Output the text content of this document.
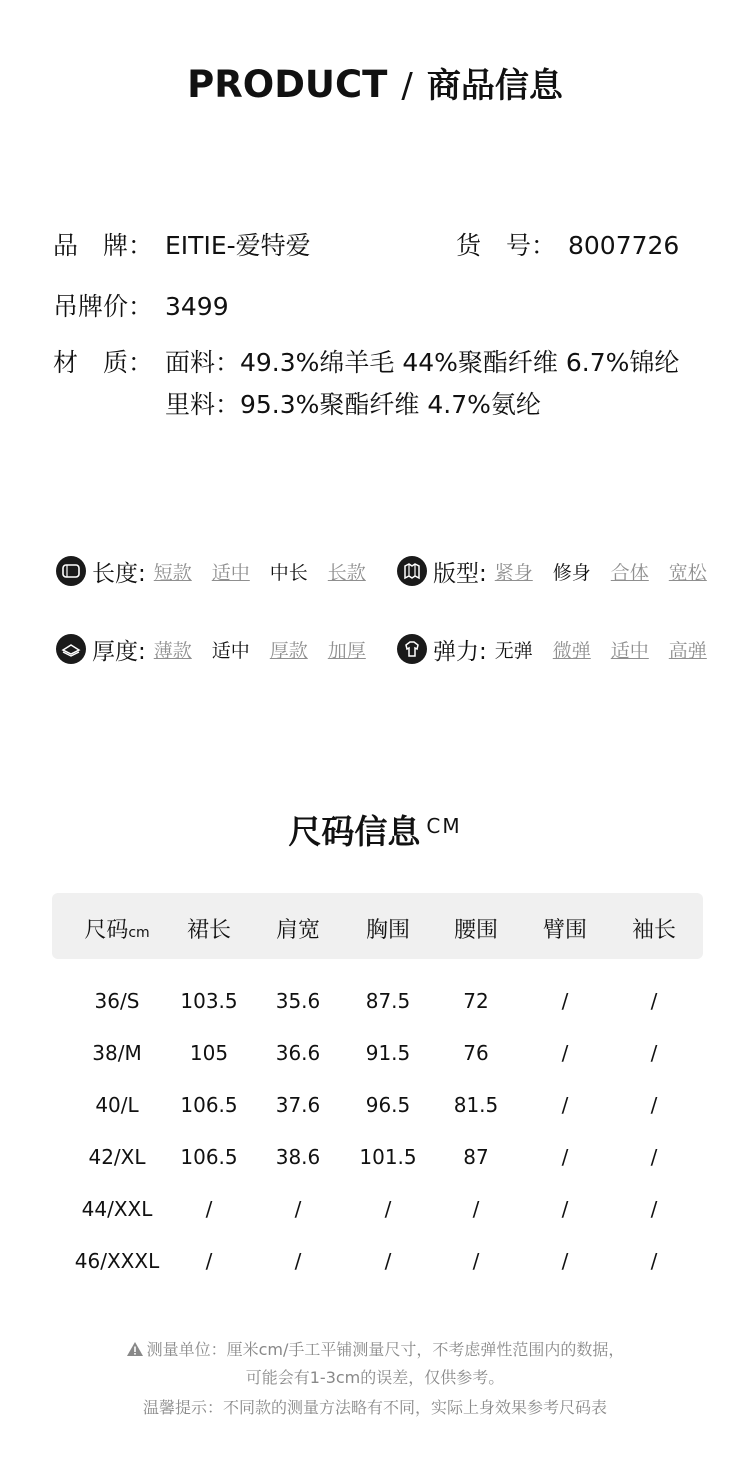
PRODUCT / 商品信息
品　牌： EITIE-爱特爱	货　号： 8007726
吊牌价： 3499
材　质： 面料：49.3%绵羊毛 44%聚酯纤维 6.7%锦纶
里料：95.3%聚酯纤维 4.7%氨纶
长度: 短款 适中 中长 长款	版型: 紧身 修身 合体 宽松
厚度: 薄款 适中 厚款 加厚	弹力: 无弹 微弹 适中 高弹
尺码信息 CM
尺码cm 裙长 肩宽 胸围 腰围 臂围 袖长
36/S 103.5 35.6 87.5	72	/	/
38/M 105 36.6 91.5	76	/	/
40/L 106.5 37.6 96.5 81.5	/	/
42/XL 106.5 38.6 101.5 87	/	/
44/XXL	/	/	/	/	/	/
46/XXXL /	/	/	/	/	/
测量单位：厘米cm/手工平铺测量尺寸，不考虑弹性范围内的数据，
可能会有1-3cm的误差，仅供参考。
温馨提示：不同款的测量方法略有不同，实际上身效果参考尺码表
